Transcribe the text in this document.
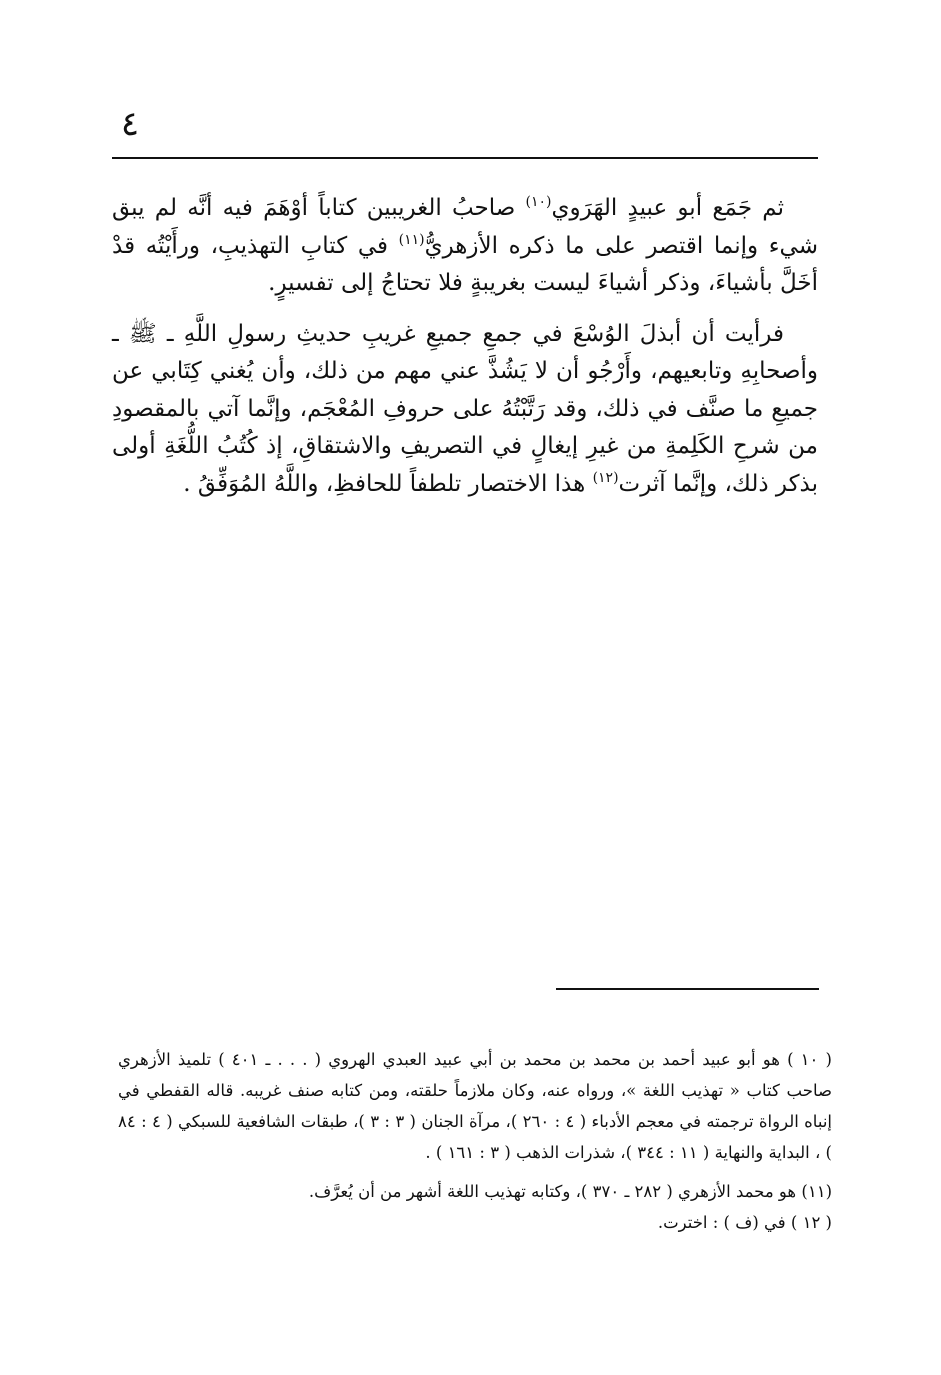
٤

ثم جَمَع أبو عبيدٍ الهَرَوي$^{(١٠)}$ صاحبُ الغريبين كتاباً أوْهَمَ فيه أنَّه لم يبق شيء وإنما اقتصر على ما ذكره الأزهريُّ$^{(١١)}$ في كتابِ التهذيبِ، ورأَيْتُه قدْ أخَلَّ بأشياءَ، وذكر أشياءَ ليست بغريبةٍ فلا تحتاجُ إلى تفسيرٍ.

فرأيت أن أبذلَ الوُسْعَ في جمعِ جميعِ غريبِ حديثِ رسولِ اللَّهِ ـ ﷺ ـ وأصحابِهِ وتابعيهم، وأَرْجُو أن لا يَشُذَّ عني مهم من ذلك، وأن يُغني كِتَابي عن جميعِ ما صنَّف في ذلك، وقد رَتَّبْتُهُ على حروفِ المُعْجَم، وإنَّما آتي بالمقصودِ من شرحِ الكَلِمةِ من غيرِ إيغالٍ في التصريفِ والاشتقاقِ، إذ كُتُبُ اللُّغَةِ أولى بذكر ذلك، وإنَّما آثرت$^{(١٢)}$ هذا الاختصار تلطفاً للحافظِ، واللَّهُ المُوَفِّقُ .

( ١٠ ) هو أبو عبيد أحمد بن محمد بن محمد بن أبي عبيد العبدي الهروي ( . . . ـ ٤٠١ ) تلميذ الأزهري صاحب كتاب « تهذيب اللغة »، ورواه عنه، وكان ملازماً حلقته، ومن كتابه صنف غريبه. قاله القفطي في إنباه الرواة ترجمته في معجم الأدباء ( ٤ : ٢٦٠ )، مرآة الجنان ( ٣ : ٣ )، طبقات الشافعية للسبكي ( ٤ : ٨٤ ) ، البداية والنهاية ( ١١ : ٣٤٤ )، شذرات الذهب ( ٣ : ١٦١ ) .

(١١) هو محمد الأزهري ( ٢٨٢ ـ ٣٧٠ )، وكتابه تهذيب اللغة أشهر من أن يُعرَّف.

( ١٢ ) في (ف ) : اخترت.
